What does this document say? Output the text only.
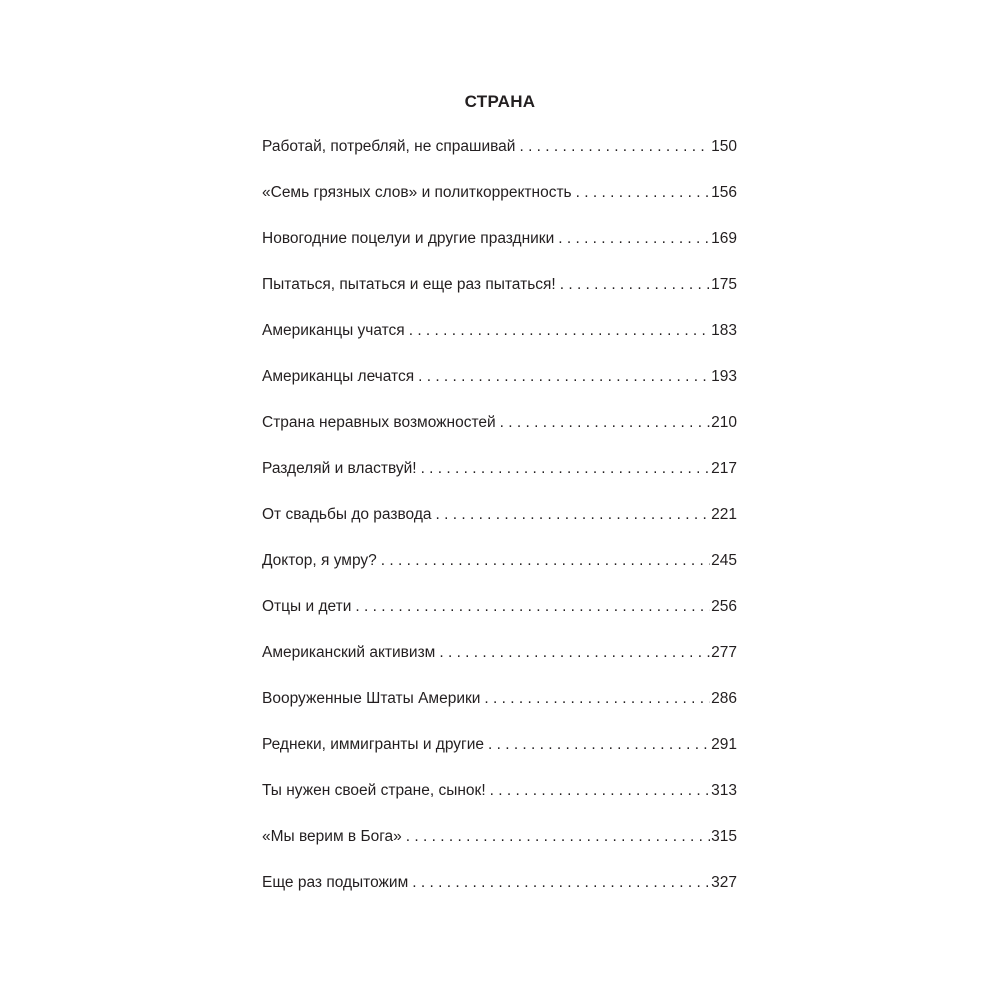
СТРАНА
Работай, потребляй, не спрашивай . . .	150
«Семь грязных слов» и политкорректность . . .	156
Новогодние поцелуи и другие праздники . . .	169
Пытаться, пытаться и еще раз пытаться! . . .	175
Американцы учатся . . .	183
Американцы лечатся . . .	193
Страна неравных возможностей . . .	210
Разделяй и властвуй! . . .	217
От свадьбы до развода . . .	221
Доктор, я умру? . . .	245
Отцы и дети . . .	256
Американский активизм . . .	277
Вооруженные Штаты Америки . . .	286
Реднеки, иммигранты и другие . . .	291
Ты нужен своей стране, сынок! . . .	313
«Мы верим в Бога» . . .	315
Еще раз подытожим . . .	327
